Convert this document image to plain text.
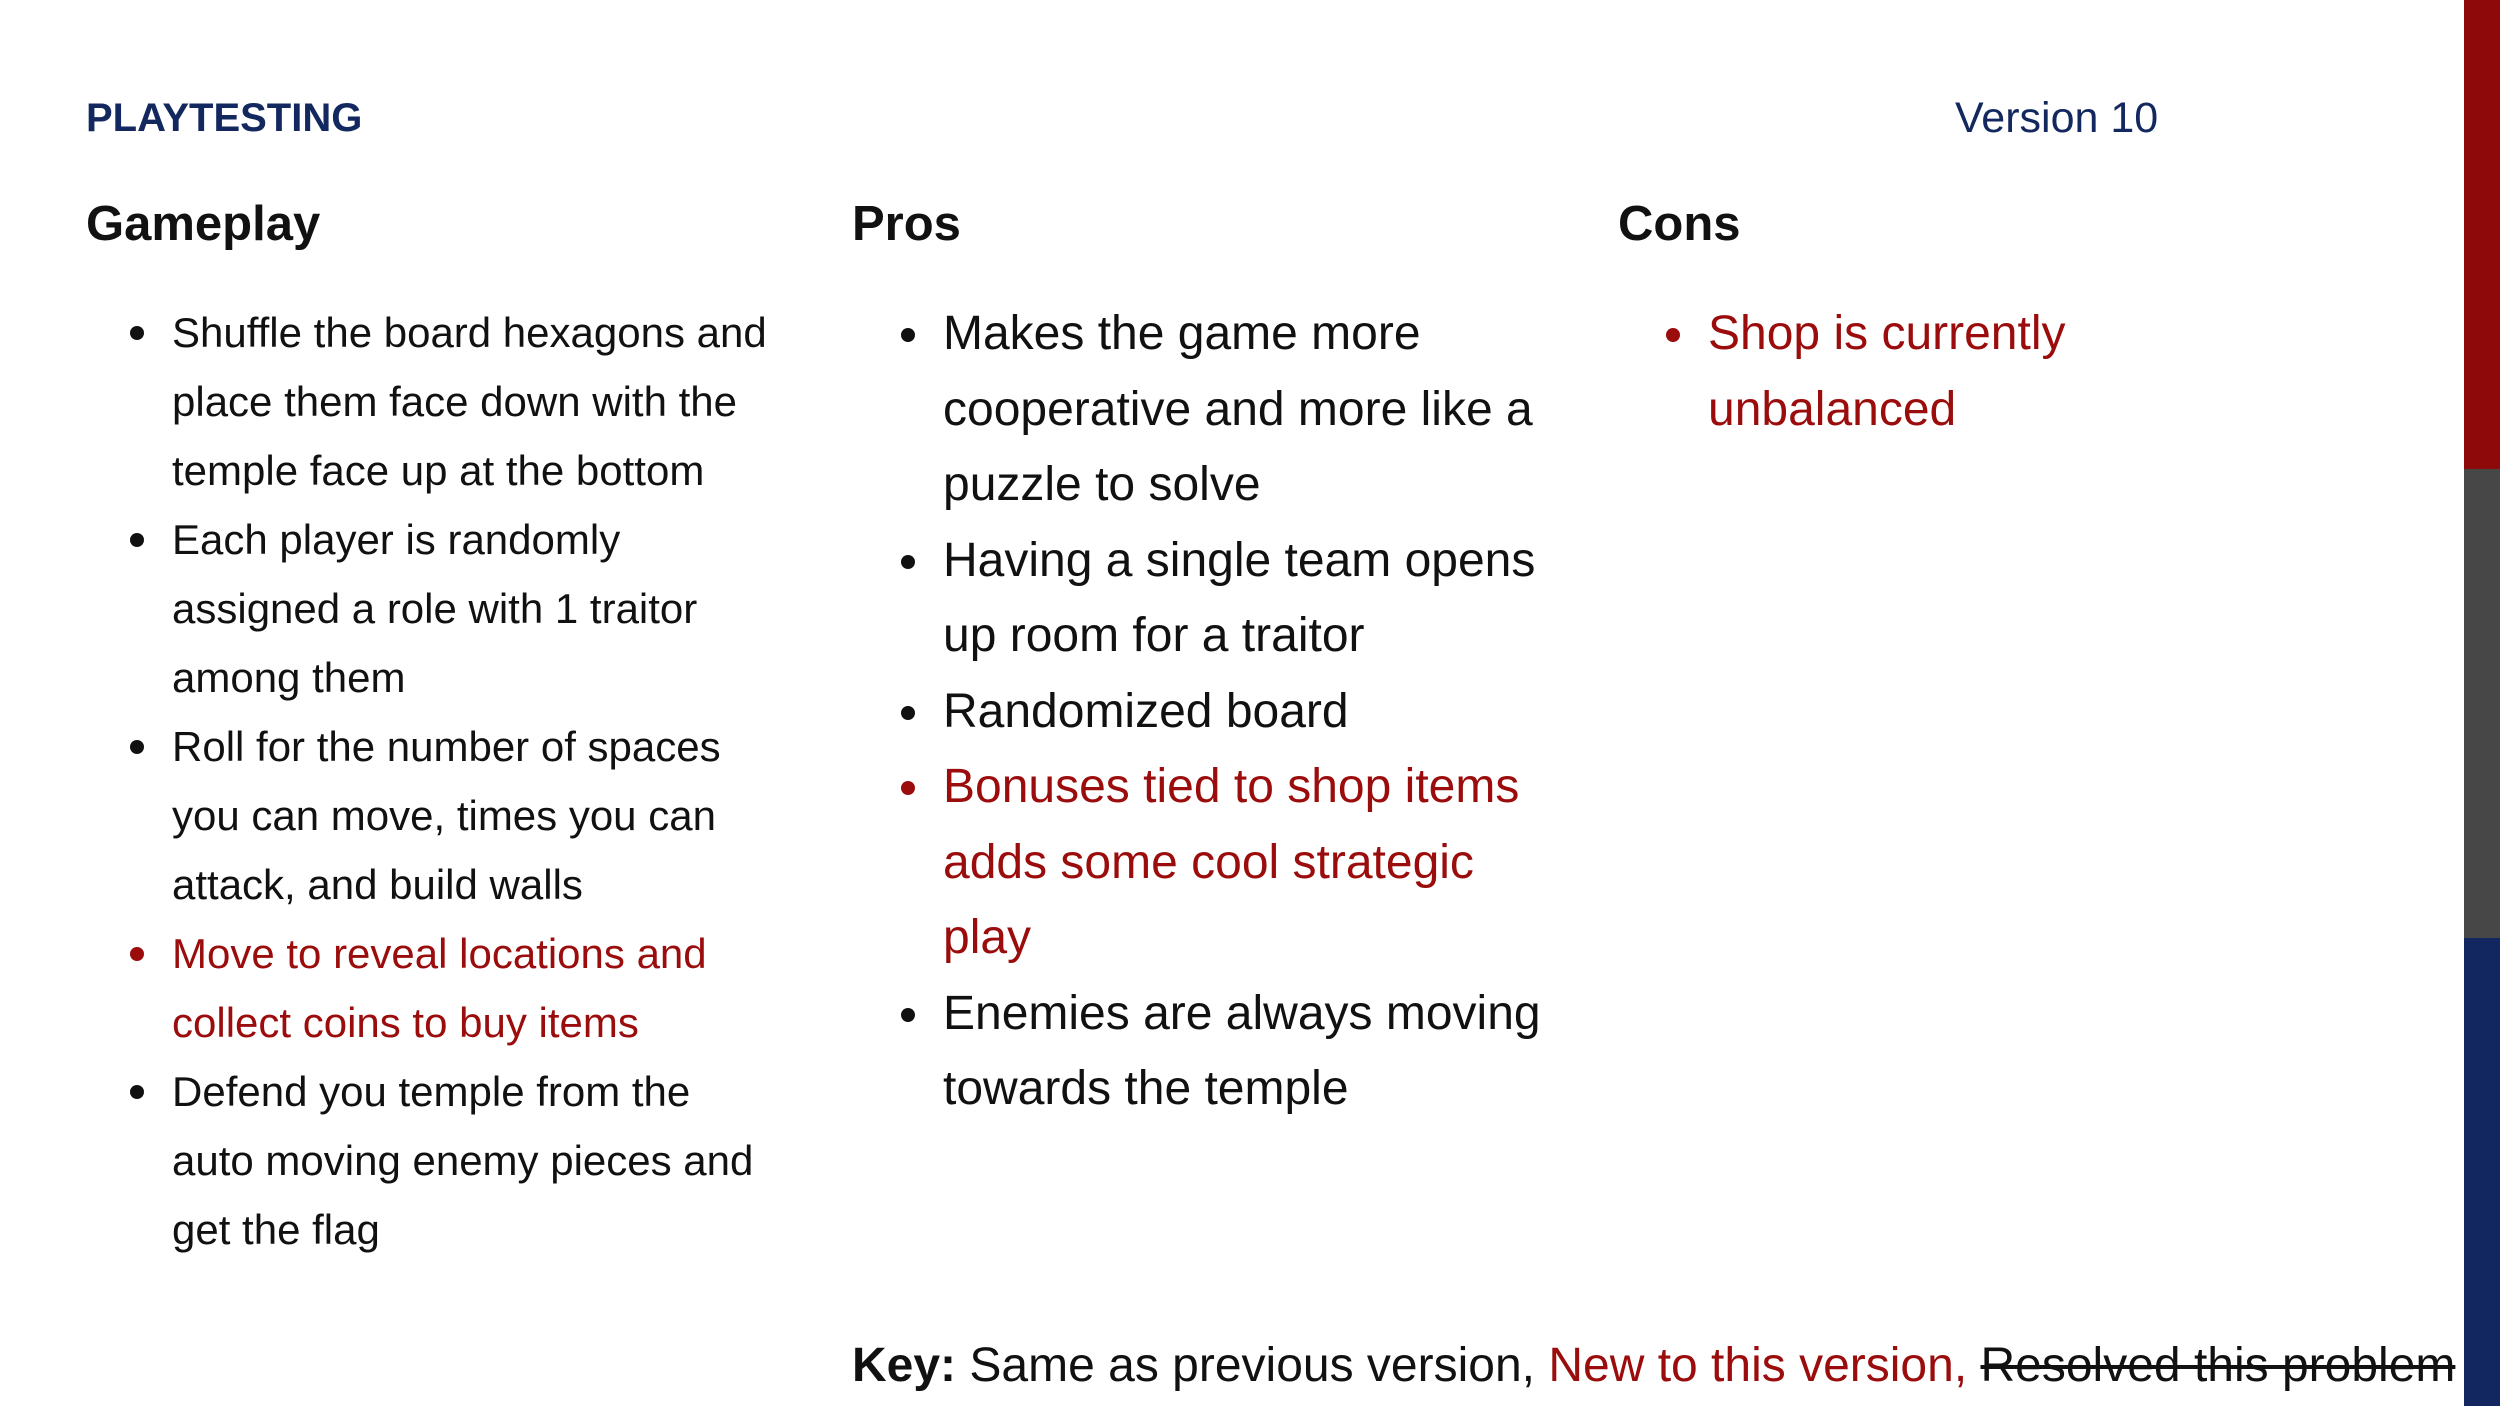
PLAYTESTING	Version 10
Gameplay	Pros	Cons
Shuffle the board hexagons and place them face down with the temple face up at the bottom
Each player is randomly assigned a role with 1 traitor among them
Roll for the number of spaces you can move, times you can attack, and build walls
Move to reveal locations and collect coins to buy items
Defend you temple from the auto moving enemy pieces and get the flag
Makes the game more cooperative and more like a puzzle to solve
Having a single team opens up room for a traitor
Randomized board
Bonuses tied to shop items adds some cool strategic play
Enemies are always moving towards the temple
Shop is currently unbalanced
Key: Same as previous version, New to this version, Resolved this problem
